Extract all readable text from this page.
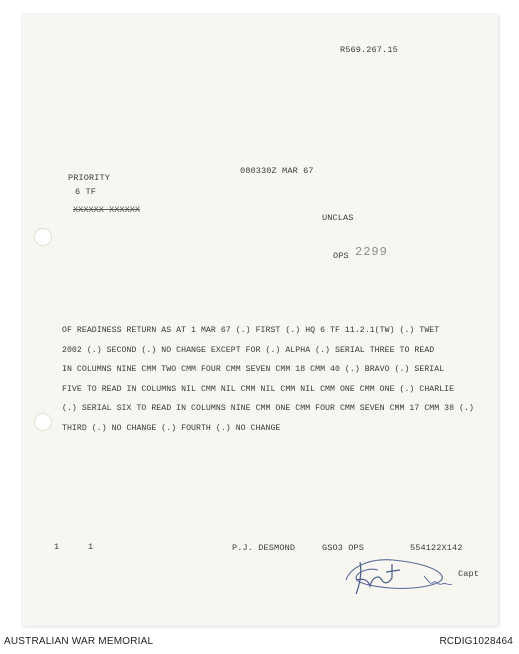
R569.267.15
080330Z MAR 67
PRIORITY
6 TF
XXXXXX XXXXXX
UNCLAS
OPS 2299
OF READINESS RETURN AS AT 1 MAR 67 (.) FIRST (.) HQ 6 TF 11.2.1(TW) (.) TWET
2002 (.) SECOND (.) NO CHANGE EXCEPT FOR (.) ALPHA (.) SERIAL THREE TO READ
IN COLUMNS NINE CMM TWO CMM FOUR CMM SEVEN CMM 18 CMM 40 (.) BRAVO (.) SERIAL
FIVE TO READ IN COLUMNS NIL CMM NIL CMM NIL CMM NIL CMM ONE CMM ONE (.) CHARLIE
(.) SERIAL SIX TO READ IN COLUMNS NINE CMM ONE CMM FOUR CMM SEVEN CMM 17 CMM 38 (.)
THIRD (.) NO CHANGE (.) FOURTH (.) NO CHANGE
1	1	P.J. DESMOND	GSO3 OPS	554122X142
Capt
AUSTRALIAN WAR MEMORIAL	RCDIG1028464
